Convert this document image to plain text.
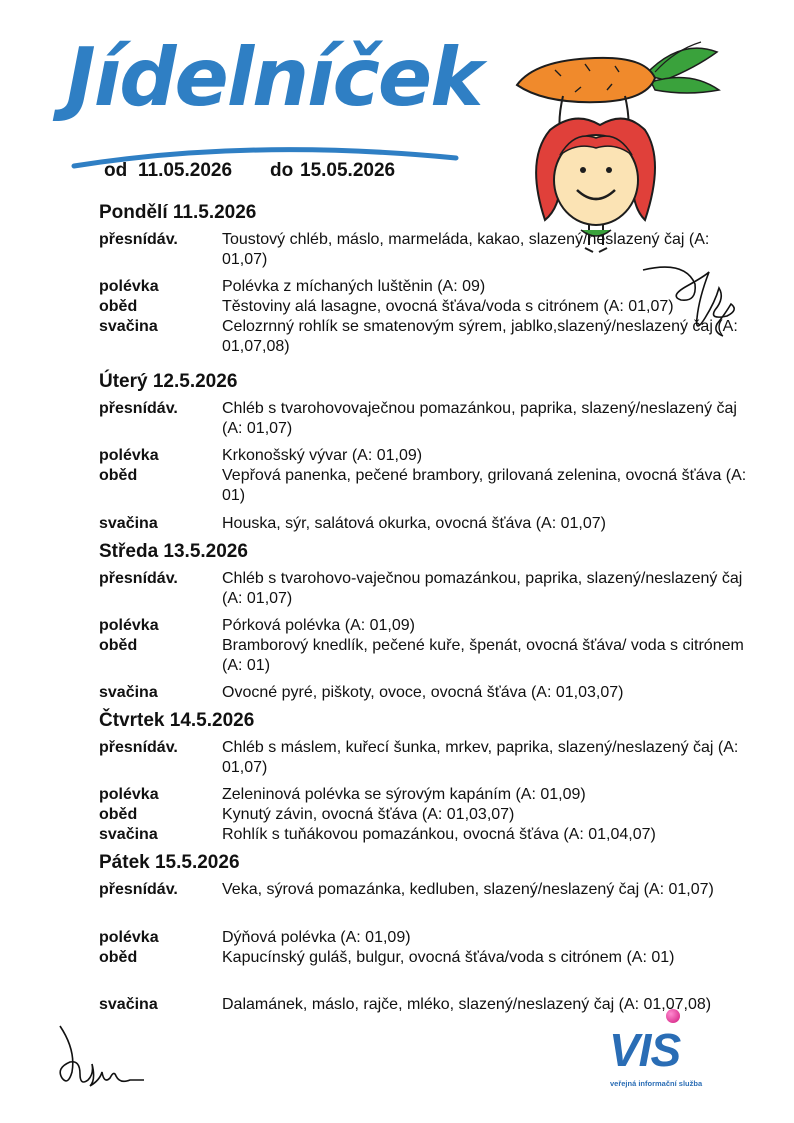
Jídelníček
od 11.05.2026 do 15.05.2026
VIS
veřejná informační služba
Pondělí 11.5.2026
přesnídáv.	Toustový chléb, máslo, marmeláda, kakao, slazený/neslazený čaj (A: 01,07)
polévka	Polévka z míchaných luštěnin (A: 09)
oběd	Těstoviny alá lasagne, ovocná šťáva/voda s citrónem (A: 01,07)
svačina	Celozrnný rohlík se smatenovým sýrem, jablko,slazený/neslazený čaj (A: 01,07,08)
Úterý 12.5.2026
přesnídáv.	Chléb s tvarohovovaječnou pomazánkou, paprika, slazený/neslazený čaj (A: 01,07)
polévka	Krkonošský vývar (A: 01,09)
oběd	Vepřová panenka, pečené brambory, grilovaná zelenina, ovocná šťáva (A: 01)
svačina	Houska, sýr, salátová okurka, ovocná šťáva (A: 01,07)
Středa 13.5.2026
přesnídáv.	Chléb s tvarohovo-vaječnou pomazánkou, paprika, slazený/neslazený čaj (A: 01,07)
polévka	Pórková polévka (A: 01,09)
oběd	Bramborový knedlík, pečené kuře, špenát, ovocná šťáva/ voda s citrónem (A: 01)
svačina	Ovocné pyré, piškoty, ovoce, ovocná šťáva (A: 01,03,07)
Čtvrtek 14.5.2026
přesnídáv.	Chléb s máslem, kuřecí šunka, mrkev, paprika, slazený/neslazený čaj (A: 01,07)
polévka	Zeleninová polévka se sýrovým kapáním (A: 01,09)
oběd	Kynutý závin, ovocná šťáva (A: 01,03,07)
svačina	Rohlík s tuňákovou pomazánkou, ovocná šťáva (A: 01,04,07)
Pátek 15.5.2026
přesnídáv.	Veka, sýrová pomazánka, kedluben, slazený/neslazený čaj (A: 01,07)
polévka	Dýňová polévka (A: 01,09)
oběd	Kapucínský guláš, bulgur, ovocná šťáva/voda s citrónem (A: 01)
svačina	Dalamánek, máslo, rajče, mléko, slazený/neslazený čaj (A: 01,07,08)
